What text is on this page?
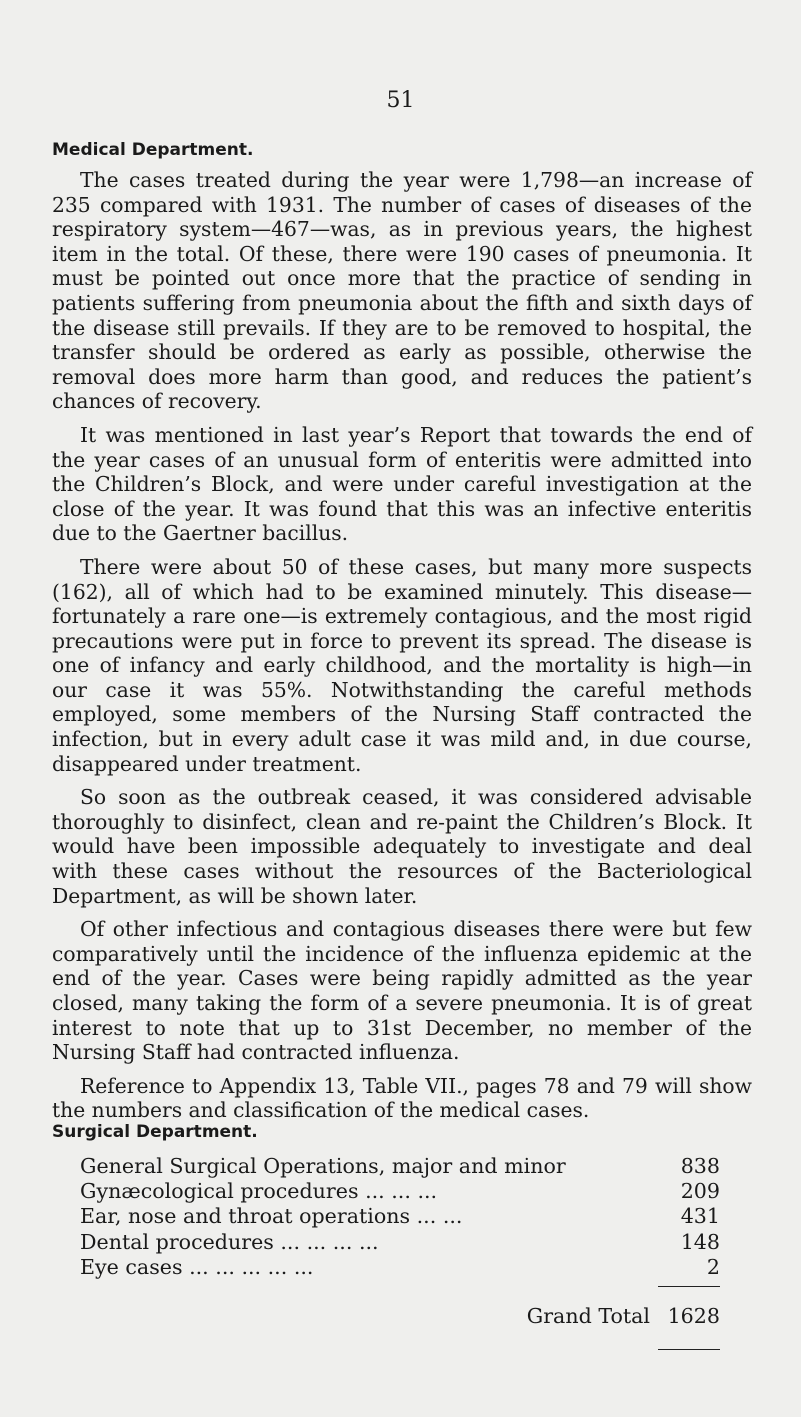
51
Medical Department.

The cases treated during the year were 1,798—an increase of 235 compared with 1931. The number of cases of diseases of the respiratory system—467—was, as in previous years, the highest item in the total. Of these, there were 190 cases of pneumonia. It must be pointed out once more that the practice of sending in patients suffering from pneumonia about the fifth and sixth days of the disease still prevails. If they are to be removed to hospital, the transfer should be ordered as early as possible, otherwise the removal does more harm than good, and reduces the patient’s chances of recovery.

It was mentioned in last year’s Report that towards the end of the year cases of an unusual form of enteritis were admitted into the Children’s Block, and were under careful investigation at the close of the year. It was found that this was an infective enteritis due to the Gaertner bacillus.

There were about 50 of these cases, but many more suspects (162), all of which had to be examined minutely. This disease—fortunately a rare one—is extremely contagious, and the most rigid precautions were put in force to prevent its spread. The disease is one of infancy and early childhood, and the mortality is high—in our case it was 55%. Notwithstanding the careful methods employed, some members of the Nursing Staff contracted the infection, but in every adult case it was mild and, in due course, disappeared under treatment.

So soon as the outbreak ceased, it was considered advisable thoroughly to disinfect, clean and re-paint the Children’s Block. It would have been impossible adequately to investigate and deal with these cases without the resources of the Bacteriological Department, as will be shown later.

Of other infectious and contagious diseases there were but few comparatively until the incidence of the influenza epidemic at the end of the year. Cases were being rapidly admitted as the year closed, many taking the form of a severe pneumonia. It is of great interest to note that up to 31st December, no member of the Nursing Staff had contracted influenza.

Reference to Appendix 13, Table VII., pages 78 and 79 will show the numbers and classification of the medical cases.

Surgical Department.
General Surgical Operations, major and minor	838
Gynæcological procedures ... ... ...	209
Ear, nose and throat operations ... ...	431
Dental procedures ... ... ... ...	148
Eye cases ... ... ... ... ...	2
Grand Total 1628
